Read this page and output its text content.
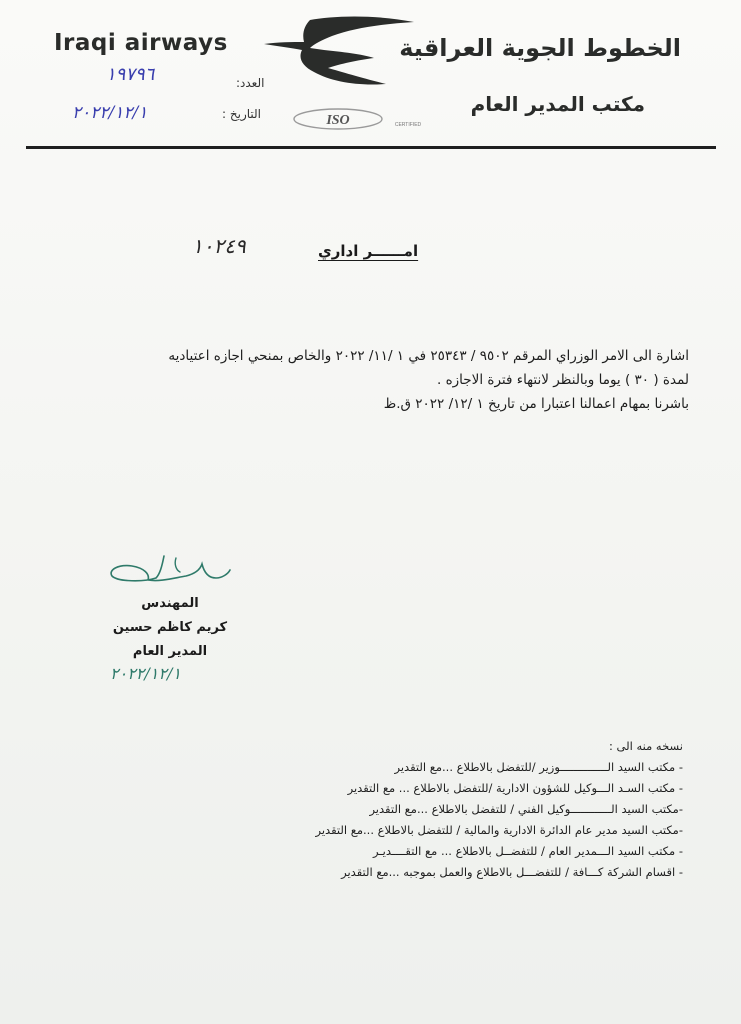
Iraqi airways	الخطوط الجوية العراقية
مكتب المدير العام
العدد:
١٩٧٩٦
التاريخ :
٢٠٢٢/١٢/١	ISO	CERTIFIED
امــــــر اداري
١٠٢٤٩

اشارة الى الامر الوزراي المرقم ٩٥٠٢ / ٢٥٣٤٣ في ١ /١١/ ٢٠٢٢ والخاص بمنحي اجازه اعتياديه

لمدة ( ٣٠ ) يوما وبالنظر لانتهاء فترة الاجازه .

باشرنا بمهام اعمالنا اعتبارا من تاريخ ١ /١٢/ ٢٠٢٢ ق.ظ

المهندس
كريم كاظم حسين
المدير العام
٢٠٢٢/١٢/١
نسخه منه الى :
- مكتب السيد الــــــــــــــوزير /للتفضل بالاطلاع ...مع التقدير
- مكتب السـد الـــوكيل للشؤون الادارية /للتفضل بالاطلاع ... مع التقدير
-مكتب السيد الــــــــــــوكيل الفني / للتفضل بالاطلاع ...مع التقدير
-مكتب السيد مدير عام الدائرة الادارية والمالية / للتفضل بالاطلاع ...مع التقدير
- مكتب السيد الـــمدير العام / للتفضــل بالاطلاع ... مع التقــــديـر
- اقسام الشركة كـــافة / للتفضـــل بالاطلاع والعمل بموجبه ...مع التقدير
